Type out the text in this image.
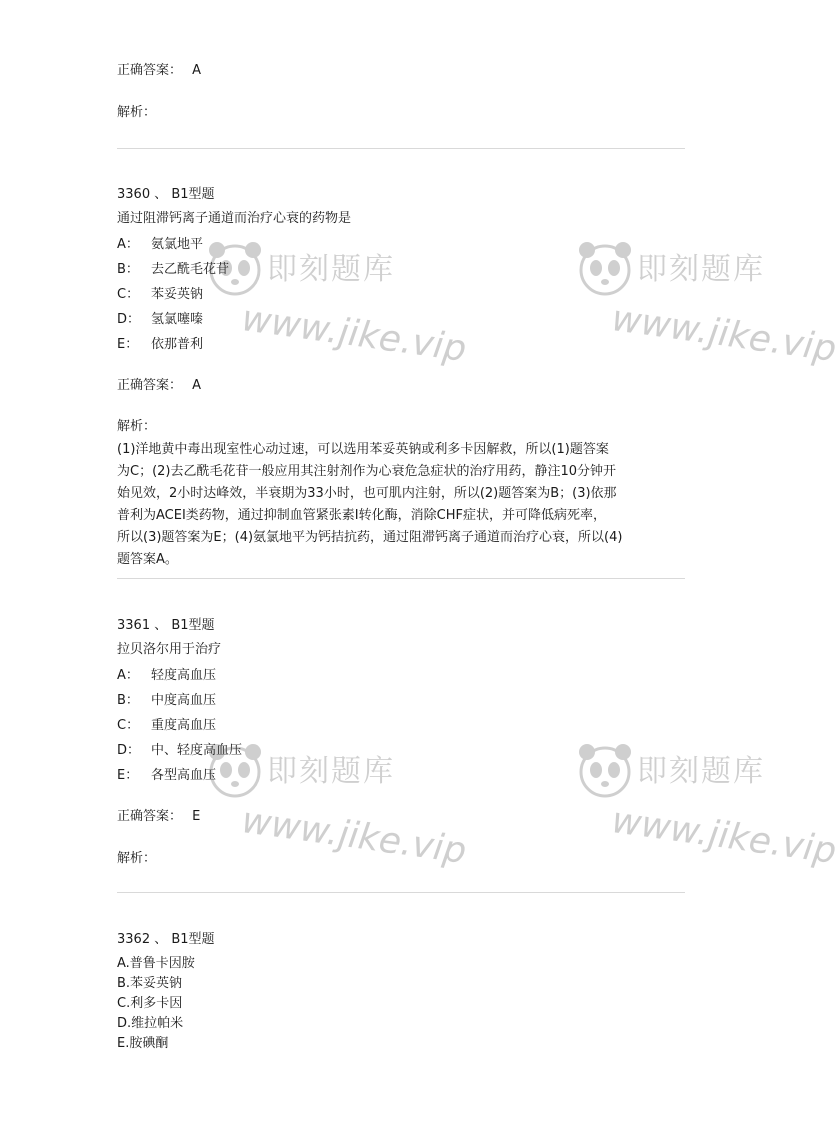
正确答案： A
解析：
3360 、 B1型题
通过阻滞钙离子通道而治疗心衰的药物是
A： 氨氯地平
B： 去乙酰毛花苷
C： 苯妥英钠
D： 氢氯噻嗪
E： 依那普利
正确答案： A
解析：
(1)洋地黄中毒出现室性心动过速，可以选用苯妥英钠或利多卡因解救，所以(1)题答案
为C；(2)去乙酰毛花苷一般应用其注射剂作为心衰危急症状的治疗用药，静注10分钟开
始见效，2小时达峰效，半衰期为33小时，也可肌内注射，所以(2)题答案为B；(3)依那
普利为ACEI类药物，通过抑制血管紧张素Ⅰ转化酶，消除CHF症状，并可降低病死率，
所以(3)题答案为E；(4)氨氯地平为钙拮抗药，通过阻滞钙离子通道而治疗心衰，所以(4)
题答案A。
3361 、 B1型题
拉贝洛尔用于治疗
A： 轻度高血压
B： 中度高血压
C： 重度高血压
D： 中、轻度高血压
E： 各型高血压
正确答案： E
解析：
3362 、 B1型题
A.普鲁卡因胺
B.苯妥英钠
C.利多卡因
D.维拉帕米
E.胺碘酮
即刻题库
www.jike.vip
即刻题库
www.jike.vip
即刻题库
www.jike.vip
即刻题库
www.jike.vip
